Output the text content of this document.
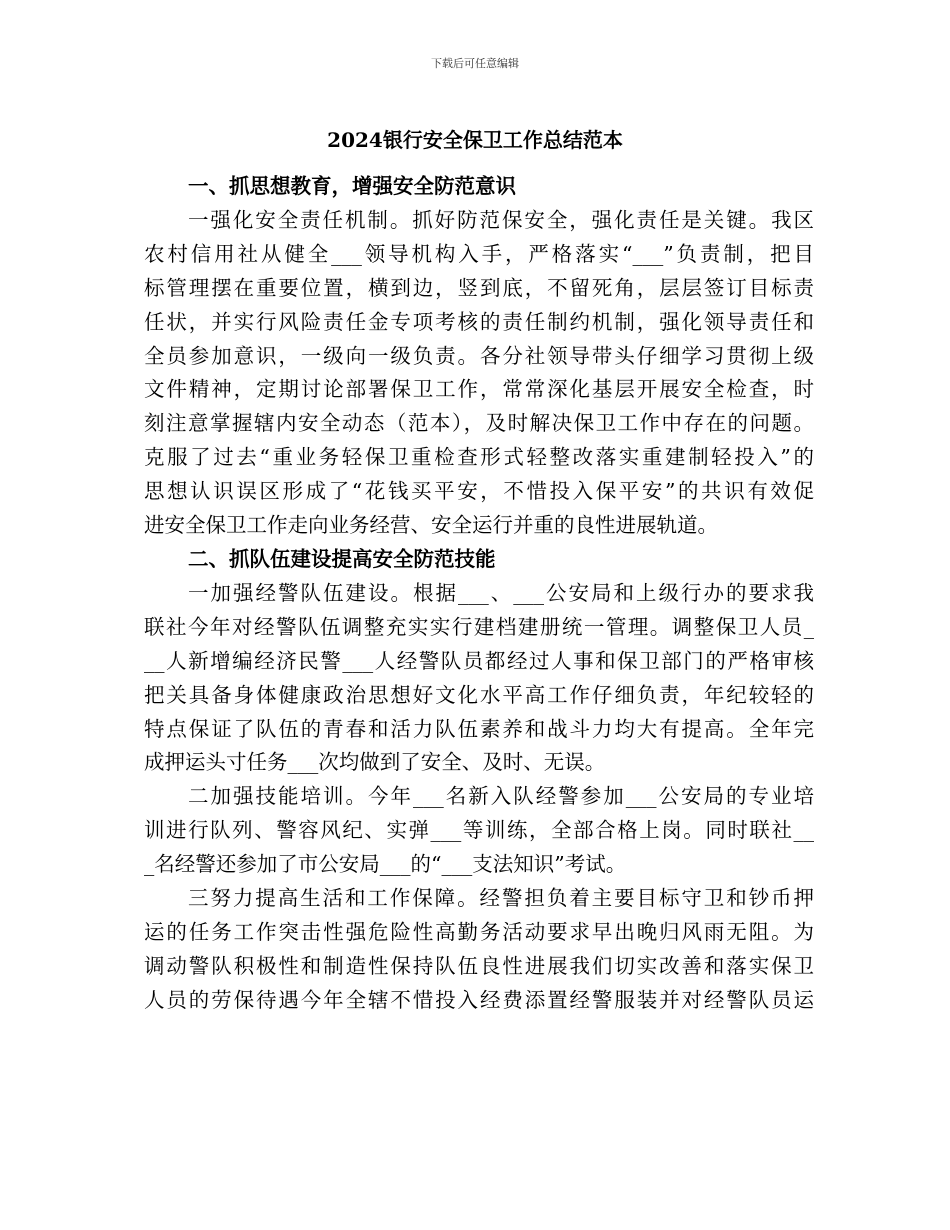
下载后可任意编辑
2024银行安全保卫工作总结范本
一、抓思想教育，增强安全防范意识
一强化安全责任机制。抓好防范保安全，强化责任是关键。我区
农村信用社从健全___领导机构入手，严格落实“___”负责制，把目
标管理摆在重要位置，横到边，竖到底，不留死角，层层签订目标责
任状，并实行风险责任金专项考核的责任制约机制，强化领导责任和
全员参加意识，一级向一级负责。各分社领导带头仔细学习贯彻上级
文件精神，定期讨论部署保卫工作，常常深化基层开展安全检查，时
刻注意掌握辖内安全动态（范本），及时解决保卫工作中存在的问题。
克服了过去“重业务轻保卫重检查形式轻整改落实重建制轻投入”的
思想认识误区形成了“花钱买平安，不惜投入保平安”的共识有效促
进安全保卫工作走向业务经营、安全运行并重的良性进展轨道。
二、抓队伍建设提高安全防范技能
一加强经警队伍建设。根据___、___公安局和上级行办的要求我
联社今年对经警队伍调整充实实行建档建册统一管理。调整保卫人员_
__人新增编经济民警___人经警队员都经过人事和保卫部门的严格审核
把关具备身体健康政治思想好文化水平高工作仔细负责，年纪较轻的
特点保证了队伍的青春和活力队伍素养和战斗力均大有提高。全年完
成押运头寸任务___次均做到了安全、及时、无误。
二加强技能培训。今年___名新入队经警参加___公安局的专业培
训进行队列、警容风纪、实弹___等训练，全部合格上岗。同时联社__
_名经警还参加了市公安局___的“___支法知识”考试。
三努力提高生活和工作保障。经警担负着主要目标守卫和钞币押
运的任务工作突击性强危险性高勤务活动要求早出晚归风雨无阻。为
调动警队积极性和制造性保持队伍良性进展我们切实改善和落实保卫
人员的劳保待遇今年全辖不惜投入经费添置经警服装并对经警队员运
